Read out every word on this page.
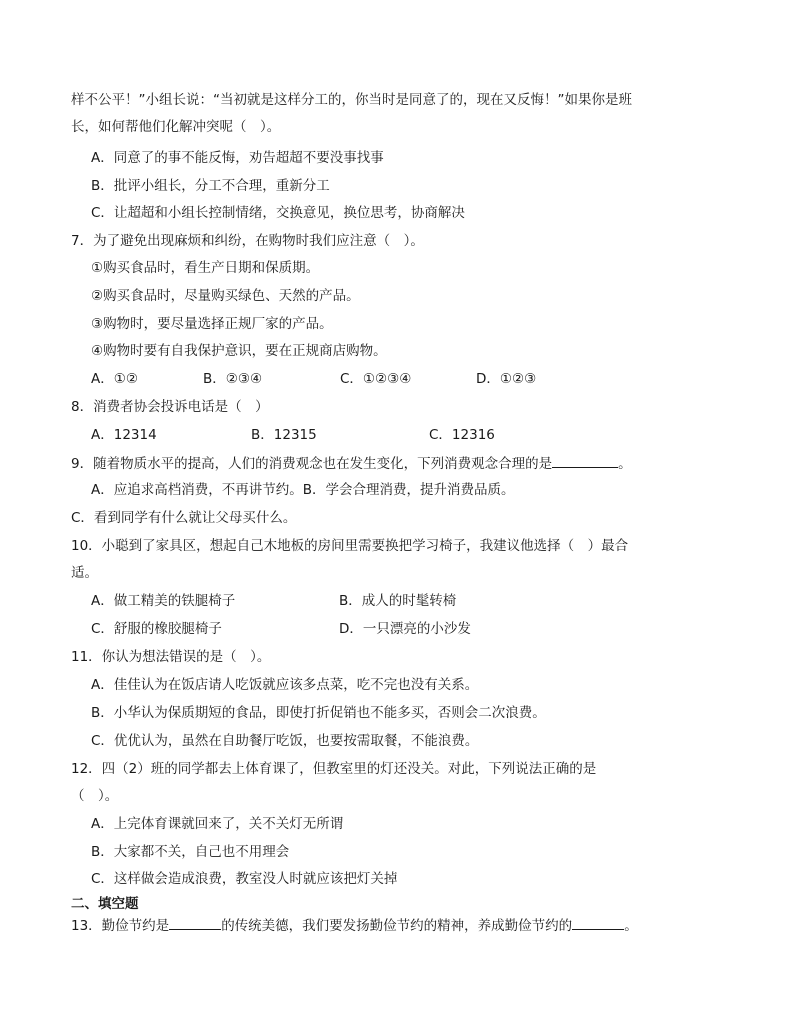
样不公平！”小组长说：“当初就是这样分工的，你当时是同意了的，现在又反悔！”如果你是班
长，如何帮他们化解冲突呢（　）。
A．同意了的事不能反悔，劝告超超不要没事找事
B．批评小组长，分工不合理，重新分工
C．让超超和小组长控制情绪，交换意见，换位思考，协商解决
7．为了避免出现麻烦和纠纷，在购物时我们应注意（　）。
①购买食品时，看生产日期和保质期。
②购买食品时，尽量购买绿色、天然的产品。
③购物时，要尽量选择正规厂家的产品。
④购物时要有自我保护意识，要在正规商店购物。
A．①②	B．②③④	C．①②③④	D．①②③
8．消费者协会投诉电话是（　）
A．12314	B．12315	C．12316
9．随着物质水平的提高，人们的消费观念也在发生变化，下列消费观念合理的是	。
A．应追求高档消费，不再讲节约。B．学会合理消费，提升消费品质。
C．看到同学有什么就让父母买什么。
10．小聪到了家具区，想起自己木地板的房间里需要换把学习椅子，我建议他选择（　）最合
适。
A．做工精美的铁腿椅子	B．成人的时髦转椅
C．舒服的橡胶腿椅子	D．一只漂亮的小沙发
11．你认为想法错误的是（　）。
A．佳佳认为在饭店请人吃饭就应该多点菜，吃不完也没有关系。
B．小华认为保质期短的食品，即使打折促销也不能多买，否则会二次浪费。
C．优优认为，虽然在自助餐厅吃饭，也要按需取餐，不能浪费。
12．四（2）班的同学都去上体育课了，但教室里的灯还没关。对此，下列说法正确的是
（　）。
A．上完体育课就回来了，关不关灯无所谓
B．大家都不关，自己也不用理会
C．这样做会造成浪费，教室没人时就应该把灯关掉
二、填空题
13．勤俭节约是	的传统美德，我们要发扬勤俭节约的精神，养成勤俭节约的	。
